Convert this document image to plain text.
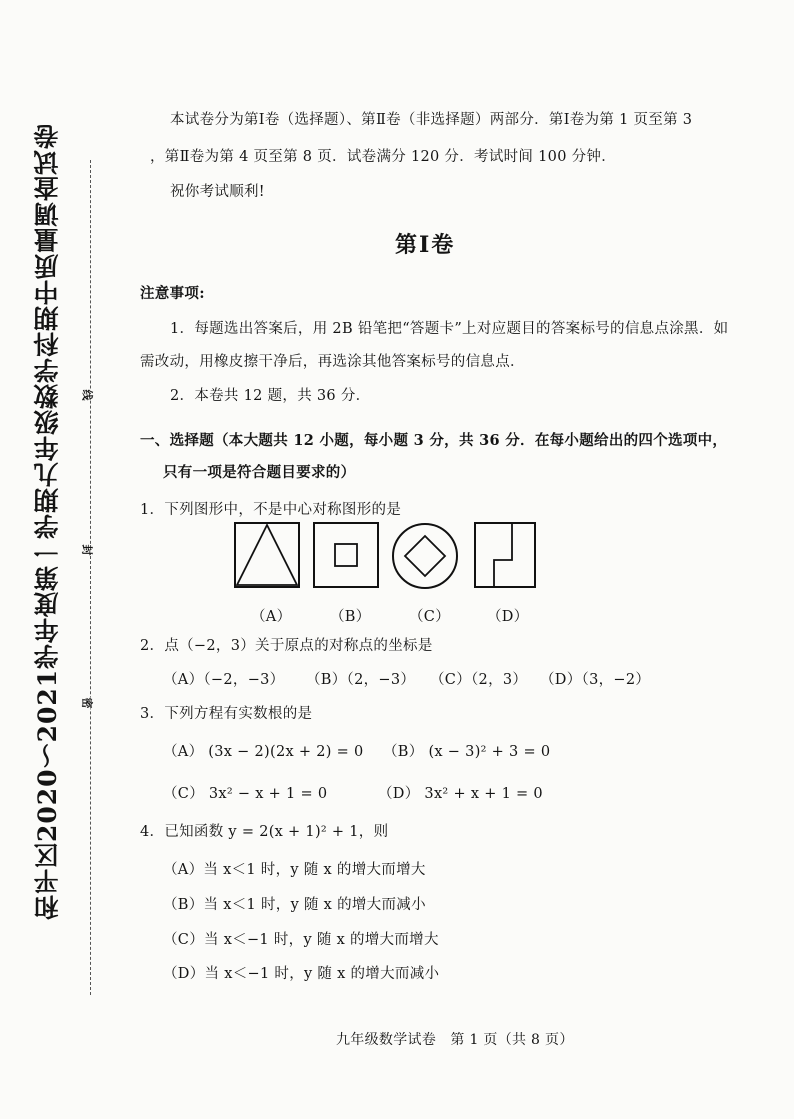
和平区2020～2021学年度第一学期九年级数学科期中质量调查试卷	线
封
密
本试卷分为第Ⅰ卷（选择题）、第Ⅱ卷（非选择题）两部分．第Ⅰ卷为第 1 页至第 3
，第Ⅱ卷为第 4 页至第 8 页．试卷满分 120 分．考试时间 100 分钟．
祝你考试顺利!
第Ⅰ卷
注意事项:
1．每题选出答案后，用 2B 铅笔把“答题卡”上对应题目的答案标号的信息点涂黑．如
需改动，用橡皮擦干净后，再选涂其他答案标号的信息点．
2．本卷共 12 题，共 36 分．
一、选择题（本大题共 12 小题，每小题 3 分，共 36 分．在每小题给出的四个选项中，
只有一项是符合题目要求的）
1．下列图形中，不是中心对称图形的是
（A）	（B）	（C）	（D）
2．点（−2，3）关于原点的对称点的坐标是
（A）（−2，−3） （B）（2，−3） （C）（2，3） （D）（3，−2）
3．下列方程有实数根的是
（A） (3x − 2)(2x + 2) = 0 （B） (x − 3)² + 3 = 0
（C） 3x² − x + 1 = 0	（D） 3x² + x + 1 = 0
4．已知函数 y = 2(x + 1)² + 1，则
（A）当 x＜1 时，y 随 x 的增大而增大
（B）当 x＜1 时，y 随 x 的增大而减小
（C）当 x＜−1 时，y 随 x 的增大而增大
（D）当 x＜−1 时，y 随 x 的增大而减小
九年级数学试卷　第 1 页（共 8 页）
